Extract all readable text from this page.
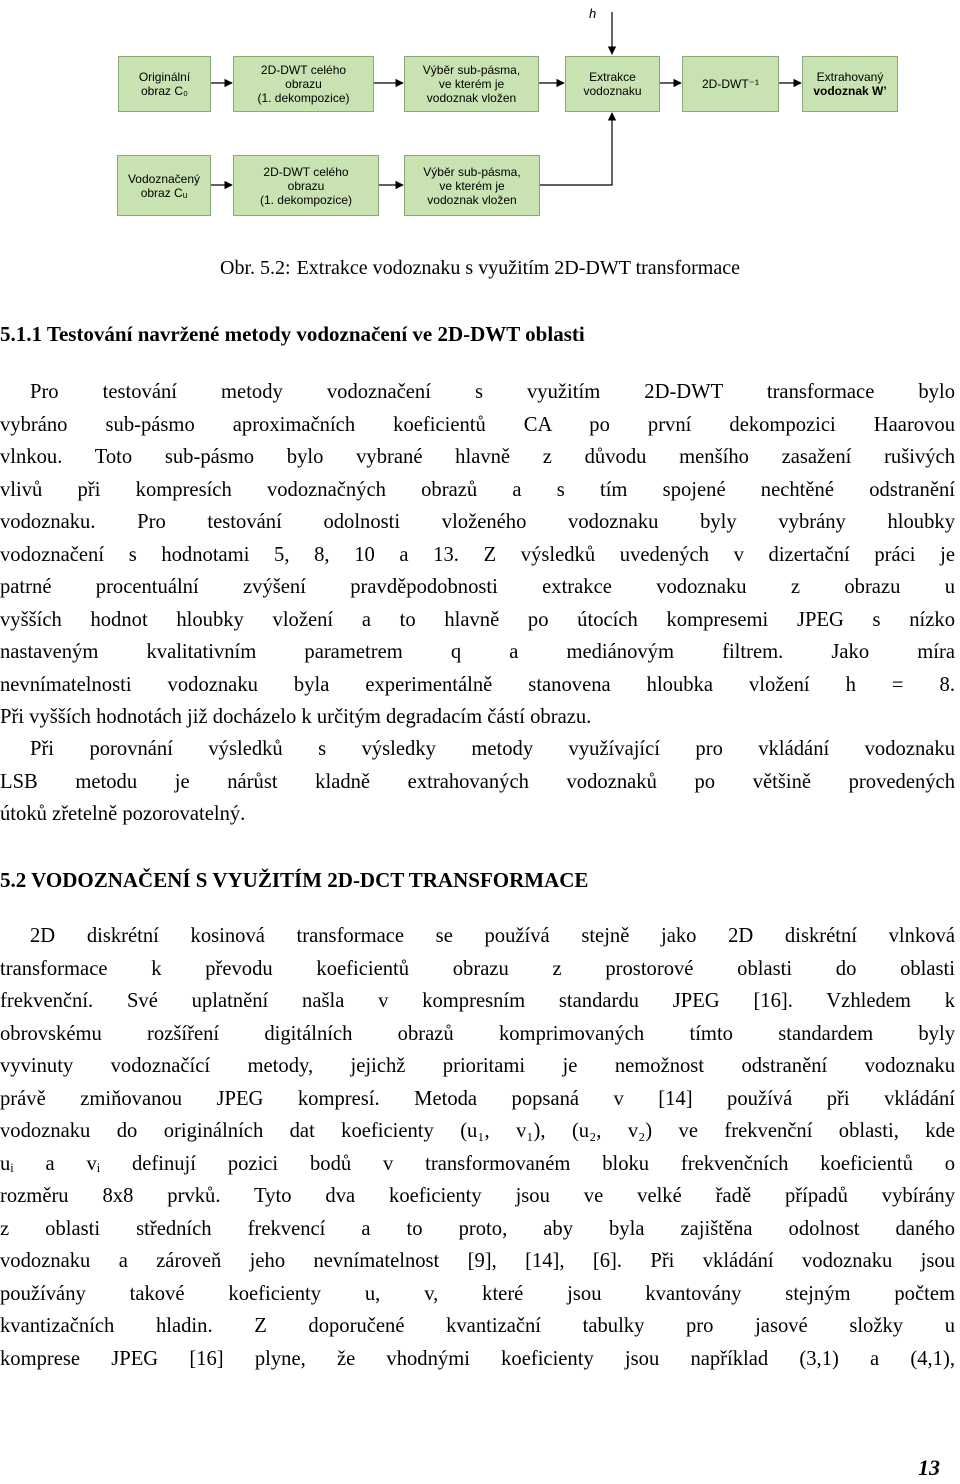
h
Originální
obraz C₀
2D-DWT celého
obrazu
(1. dekompozice)
Výběr sub-pásma,
ve kterém je
vodoznak vložen
Extrakce
vodoznaku	2D-DWT⁻¹	Extrahovaný
vodoznak W’
Vodoznačený
obraz Cᵤ
2D-DWT celého
obrazu
(1. dekompozice)
Výběr sub-pásma,
ve kterém je
vodoznak vložen
Obr. 5.2: Extrakce vodoznaku s využitím 2D-DWT transformace
5.1.1 Testování navržené metody vodoznačení ve 2D-DWT oblasti
Pro testování metody vodoznačení s využitím 2D-DWT transformace bylo
vybráno sub-pásmo aproximačních koeficientů CA po první dekompozici Haarovou
vlnkou. Toto sub-pásmo bylo vybrané hlavně z důvodu menšího zasažení rušivých
vlivů při kompresích vodoznačných obrazů a s tím spojené nechtěné odstranění
vodoznaku. Pro testování odolnosti vloženého vodoznaku byly vybrány hloubky
vodoznačení s hodnotami 5, 8, 10 a 13. Z výsledků uvedených v dizertační práci je
patrné procentuální zvýšení pravděpodobnosti extrakce vodoznaku z obrazu u
vyšších hodnot hloubky vložení a to hlavně po útocích kompresemi JPEG s nízko
nastaveným kvalitativním parametrem q a mediánovým filtrem. Jako míra
nevnímatelnosti vodoznaku byla experimentálně stanovena hloubka vložení h = 8.
Při vyšších hodnotách již docházelo k určitým degradacím částí obrazu.
Při porovnání výsledků s výsledky metody využívající pro vkládání vodoznaku
LSB metodu je nárůst kladně extrahovaných vodoznaků po většině provedených
útoků zřetelně pozorovatelný.
5.2 VODOZNAČENÍ S VYUŽITÍM 2D-DCT TRANSFORMACE
2D diskrétní kosinová transformace se používá stejně jako 2D diskrétní vlnková
transformace k převodu koeficientů obrazu z prostorové oblasti do oblasti
frekvenční. Své uplatnění našla v kompresním standardu JPEG [16]. Vzhledem k
obrovskému rozšíření digitálních obrazů komprimovaných tímto standardem byly
vyvinuty vodoznačící metody, jejichž prioritami je nemožnost odstranění vodoznaku
právě zmiňovanou JPEG kompresí. Metoda popsaná v [14] používá při vkládání
vodoznaku do originálních dat koeficienty (u₁, v₁), (u₂, v₂) ve frekvenční oblasti, kde
uᵢ a vᵢ definují pozici bodů v transformovaném bloku frekvenčních koeficientů o
rozměru 8x8 prvků. Tyto dva koeficienty jsou ve velké řadě případů vybírány
z oblasti středních frekvencí a to proto, aby byla zajištěna odolnost daného
vodoznaku a zároveň jeho nevnímatelnost [9], [14], [6]. Při vkládání vodoznaku jsou
používány takové koeficienty u, v, které jsou kvantovány stejným počtem
kvantizačních hladin. Z doporučené kvantizační tabulky pro jasové složky u
komprese JPEG [16] plyne, že vhodnými koeficienty jsou například (3,1) a (4,1),
13
